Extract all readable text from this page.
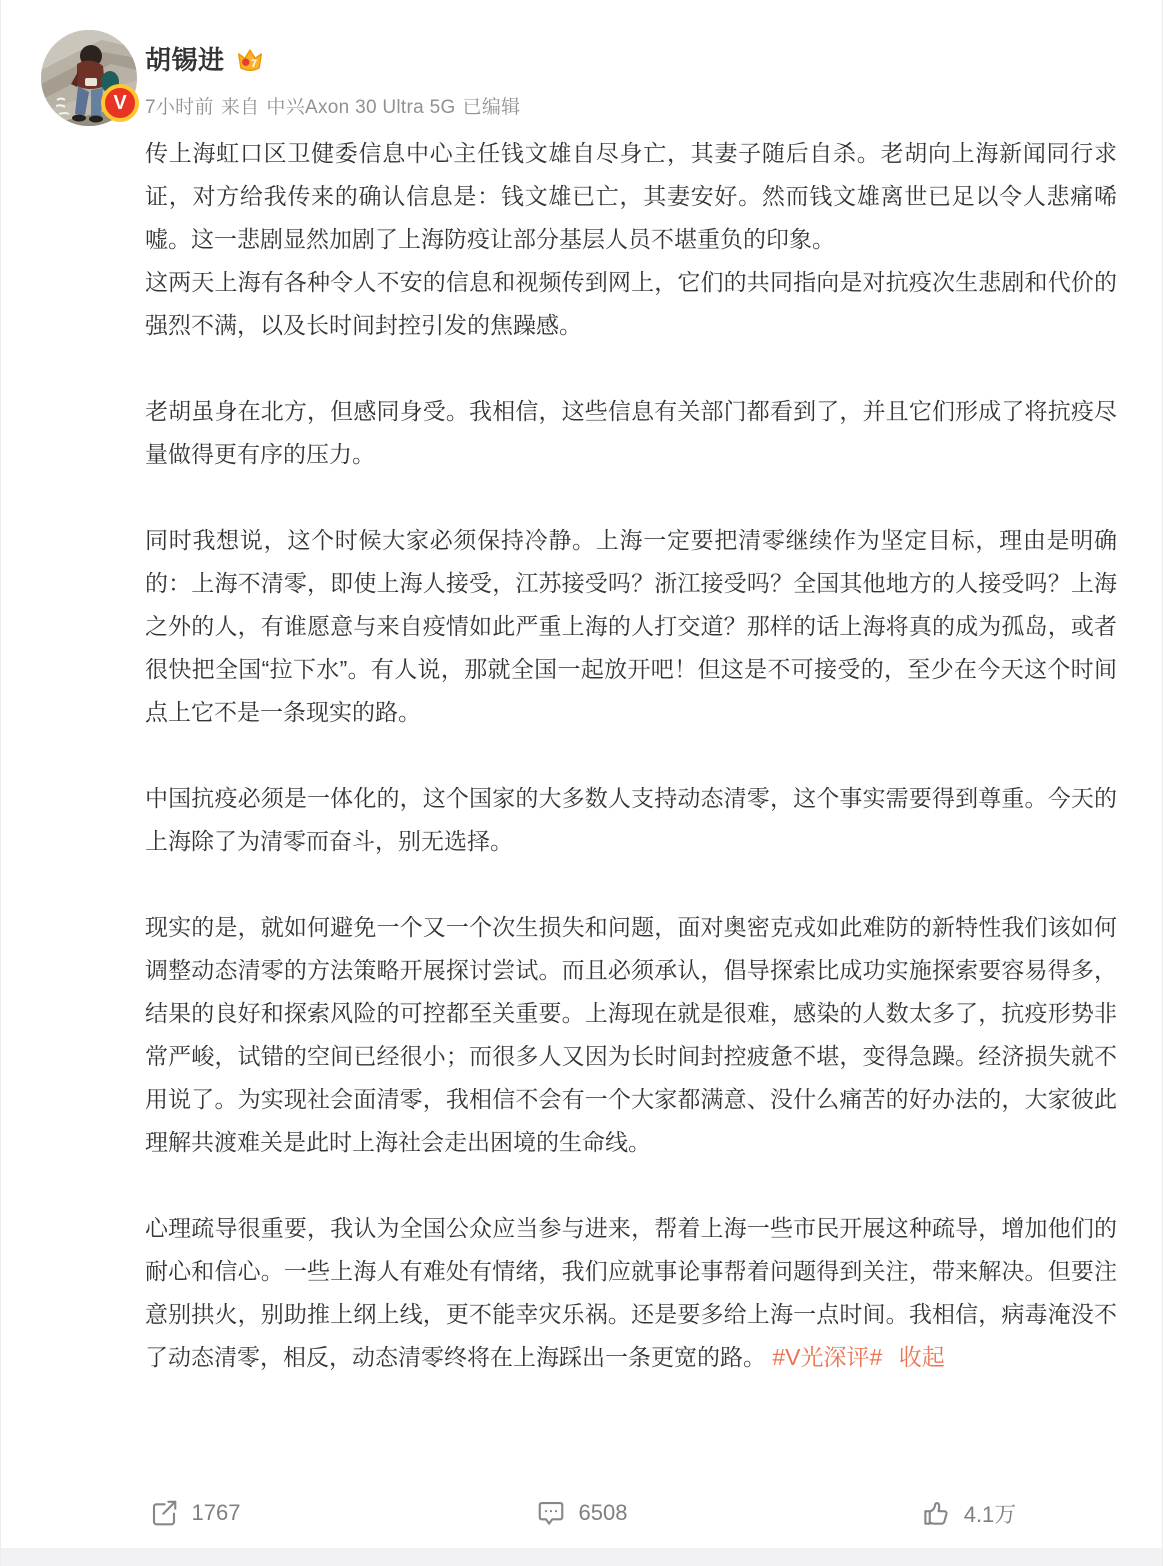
V
胡锡进	7
7小时前 来自 中兴Axon 30 Ultra 5G 已编辑

传上海虹口区卫健委信息中心主任钱文雄自尽身亡，其妻子随后自杀。老胡向上海新闻同行求证，对方给我传来的确认信息是：钱文雄已亡，其妻安好。然而钱文雄离世已足以令人悲痛唏嘘。这一悲剧显然加剧了上海防疫让部分基层人员不堪重负的印象。

这两天上海有各种令人不安的信息和视频传到网上，它们的共同指向是对抗疫次生悲剧和代价的强烈不满，以及长时间封控引发的焦躁感。

老胡虽身在北方，但感同身受。我相信，这些信息有关部门都看到了，并且它们形成了将抗疫尽量做得更有序的压力。

同时我想说，这个时候大家必须保持冷静。上海一定要把清零继续作为坚定目标，理由是明确的：上海不清零，即使上海人接受，江苏接受吗？浙江接受吗？全国其他地方的人接受吗？上海之外的人，有谁愿意与来自疫情如此严重上海的人打交道？那样的话上海将真的成为孤岛，或者很快把全国“拉下水”。有人说，那就全国一起放开吧！但这是不可接受的，至少在今天这个时间点上它不是一条现实的路。

中国抗疫必须是一体化的，这个国家的大多数人支持动态清零，这个事实需要得到尊重。今天的上海除了为清零而奋斗，别无选择。

现实的是，就如何避免一个又一个次生损失和问题，面对奥密克戎如此难防的新特性我们该如何调整动态清零的方法策略开展探讨尝试。而且必须承认，倡导探索比成功实施探索要容易得多，结果的良好和探索风险的可控都至关重要。上海现在就是很难，感染的人数太多了，抗疫形势非常严峻，试错的空间已经很小；而很多人又因为长时间封控疲惫不堪，变得急躁。经济损失就不用说了。为实现社会面清零，我相信不会有一个大家都满意、没什么痛苦的好办法的，大家彼此理解共渡难关是此时上海社会走出困境的生命线。

心理疏导很重要，我认为全国公众应当参与进来，帮着上海一些市民开展这种疏导，增加他们的耐心和信心。一些上海人有难处有情绪，我们应就事论事帮着问题得到关注，带来解决。但要注意别拱火，别助推上纲上线，更不能幸灾乐祸。还是要多给上海一点时间。我相信，病毒淹没不了动态清零，相反，动态清零终将在上海踩出一条更宽的路。 #V光深评# 收起

1767	6508	4.1万
